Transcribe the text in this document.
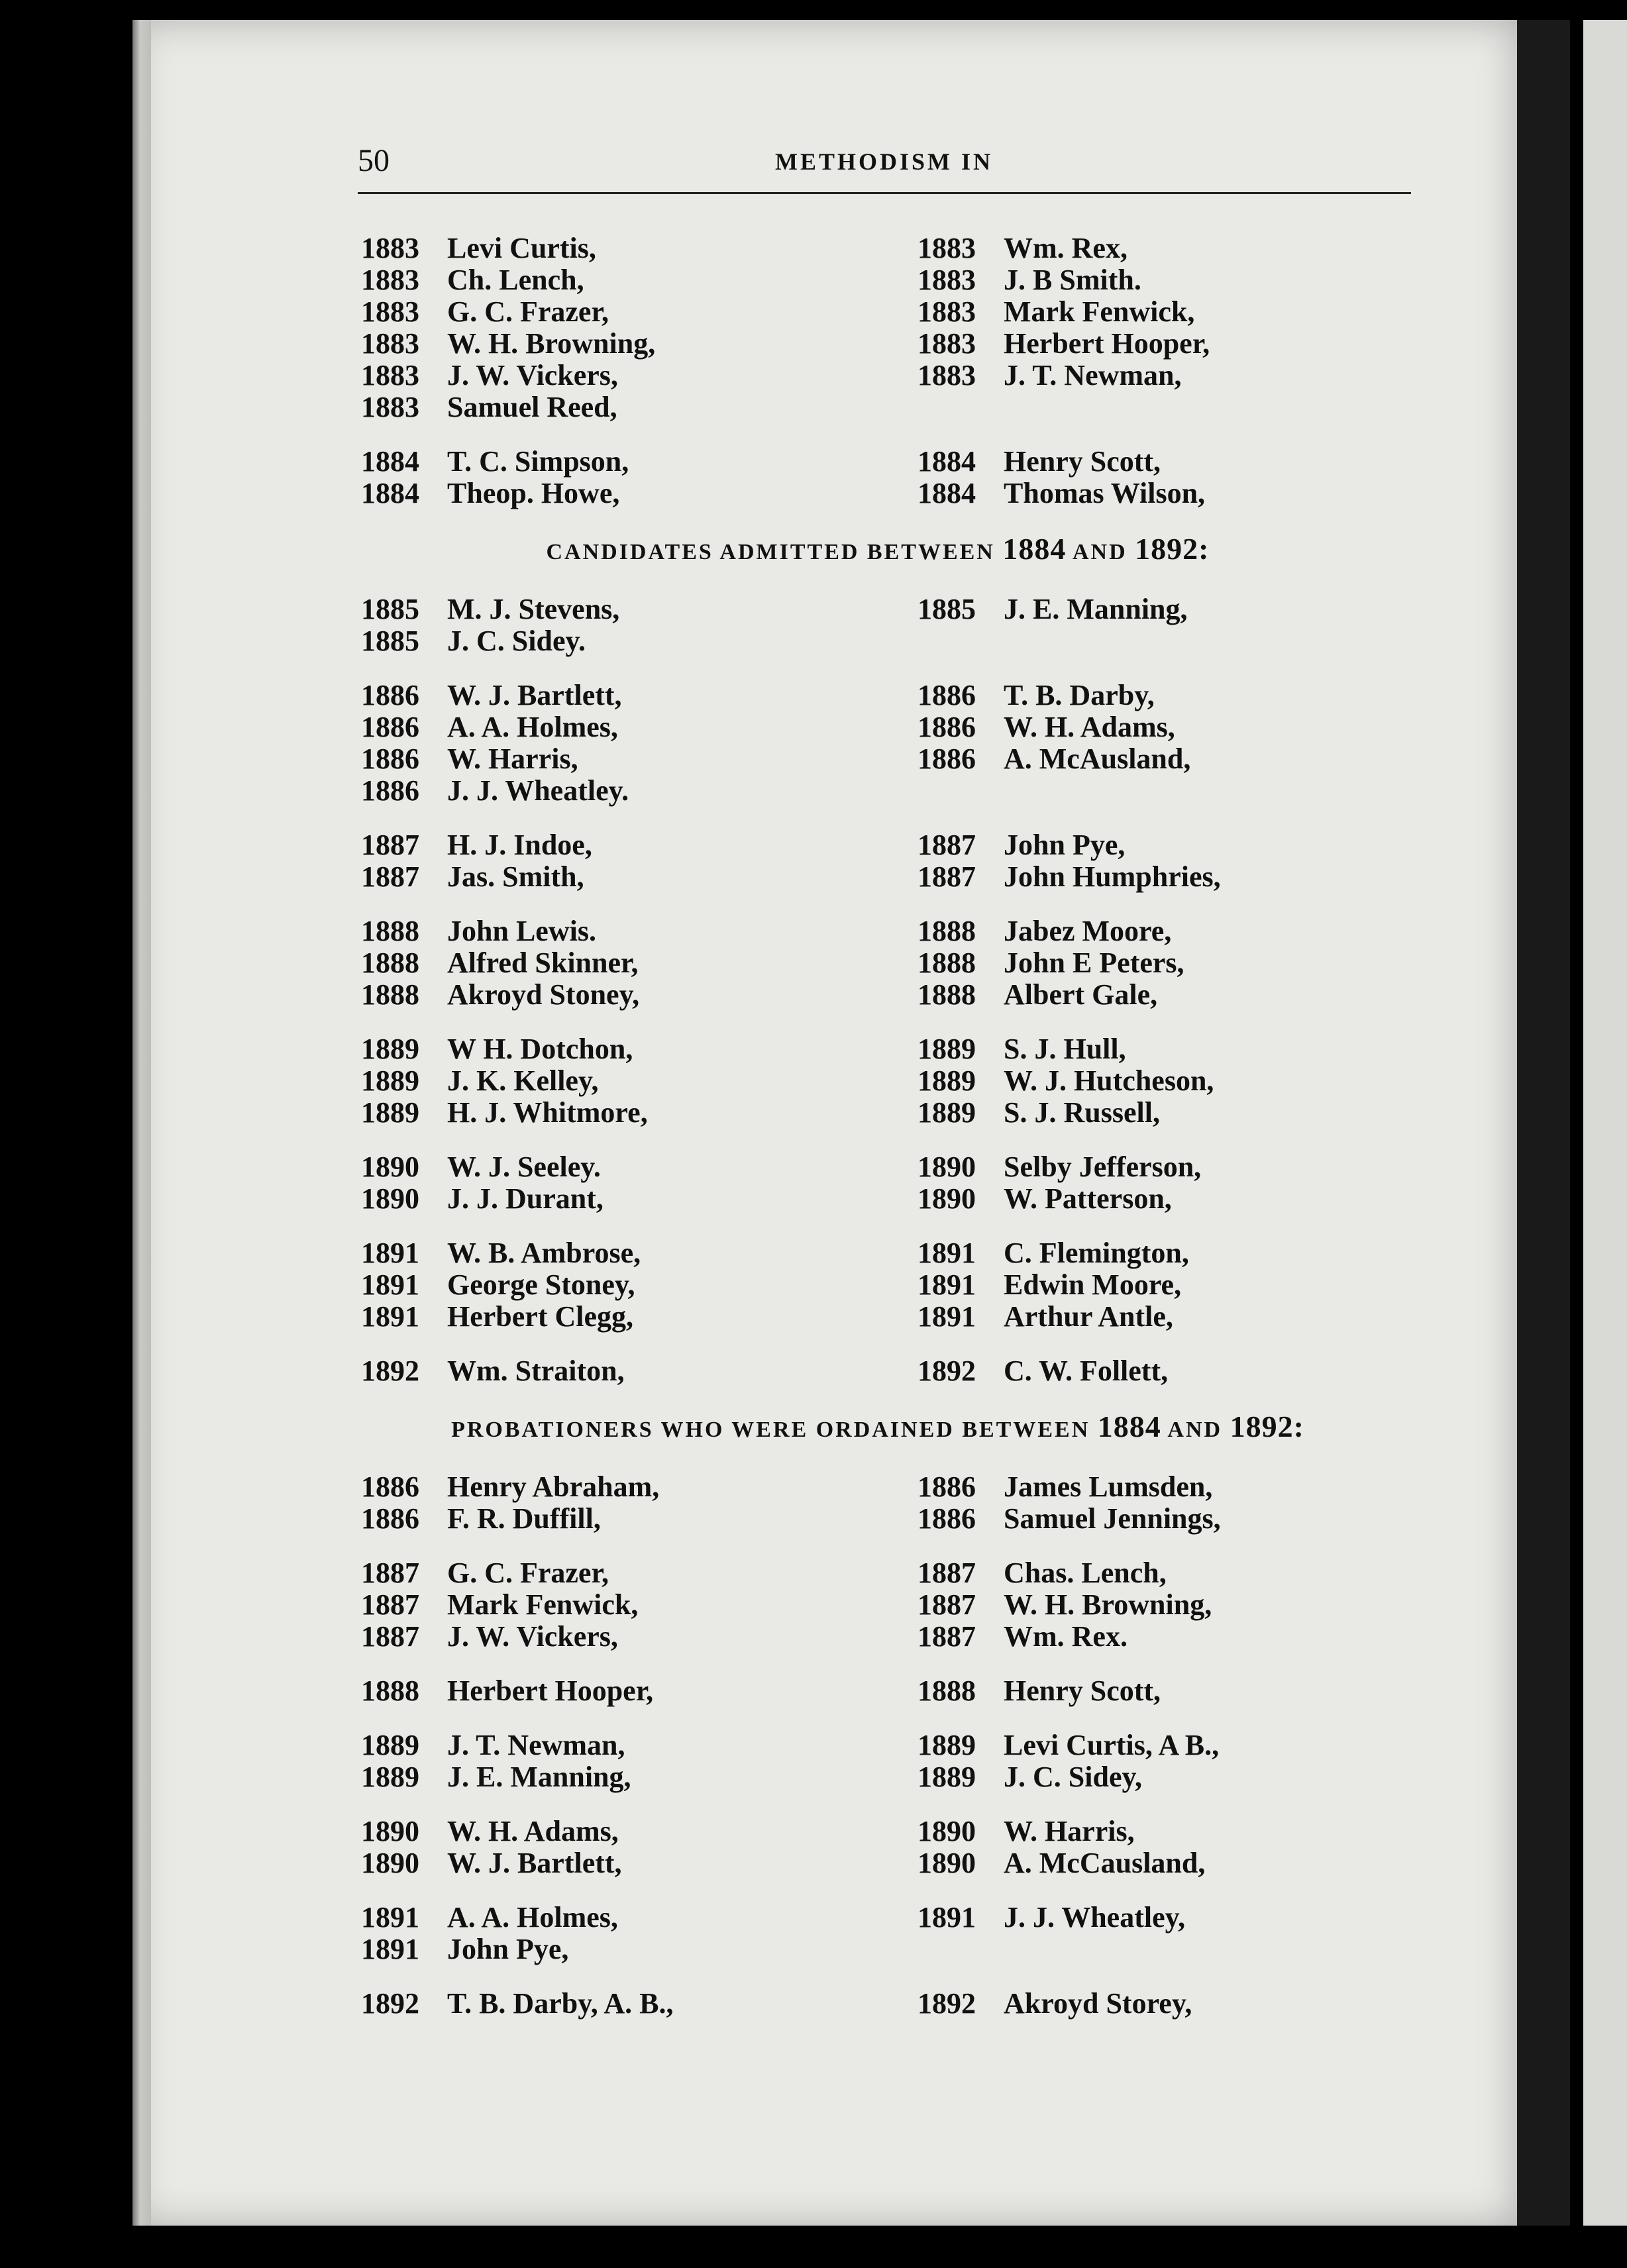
50	METHODISM IN
1883 Levi Curtis,	1883 Wm. Rex,
1883 Ch. Lench,	1883 J. B Smith.
1883 G. C. Frazer,	1883 Mark Fenwick,
1883 W. H. Browning,	1883 Herbert Hooper,
1883 J. W. Vickers,	1883 J. T. Newman,
1883 Samuel Reed,
1884 T. C. Simpson,	1884 Henry Scott,
1884 Theop. Howe,	1884 Thomas Wilson,
CANDIDATES ADMITTED BETWEEN 1884 AND 1892:
1885 M. J. Stevens,	1885 J. E. Manning,
1885 J. C. Sidey.
1886 W. J. Bartlett,	1886 T. B. Darby,
1886 A. A. Holmes,	1886 W. H. Adams,
1886 W. Harris,	1886 A. McAusland,
1886 J. J. Wheatley.
1887 H. J. Indoe,	1887 John Pye,
1887 Jas. Smith,	1887 John Humphries,
1888 John Lewis.	1888 Jabez Moore,
1888 Alfred Skinner,	1888 John E Peters,
1888 Akroyd Stoney,	1888 Albert Gale,
1889 W H. Dotchon,	1889 S. J. Hull,
1889 J. K. Kelley,	1889 W. J. Hutcheson,
1889 H. J. Whitmore,	1889 S. J. Russell,
1890 W. J. Seeley.	1890 Selby Jefferson,
1890 J. J. Durant,	1890 W. Patterson,
1891 W. B. Ambrose,	1891 C. Flemington,
1891 George Stoney,	1891 Edwin Moore,
1891 Herbert Clegg,	1891 Arthur Antle,
1892 Wm. Straiton,	1892 C. W. Follett,
PROBATIONERS WHO WERE ORDAINED BETWEEN 1884 AND 1892:
1886 Henry Abraham,	1886 James Lumsden,
1886 F. R. Duffill,	1886 Samuel Jennings,
1887 G. C. Frazer,	1887 Chas. Lench,
1887 Mark Fenwick,	1887 W. H. Browning,
1887 J. W. Vickers,	1887 Wm. Rex.
1888 Herbert Hooper,	1888 Henry Scott,
1889 J. T. Newman,	1889 Levi Curtis, A B.,
1889 J. E. Manning,	1889 J. C. Sidey,
1890 W. H. Adams,	1890 W. Harris,
1890 W. J. Bartlett,	1890 A. McCausland,
1891 A. A. Holmes,	1891 J. J. Wheatley,
1891 John Pye,
1892 T. B. Darby, A. B.,	1892 Akroyd Storey,
